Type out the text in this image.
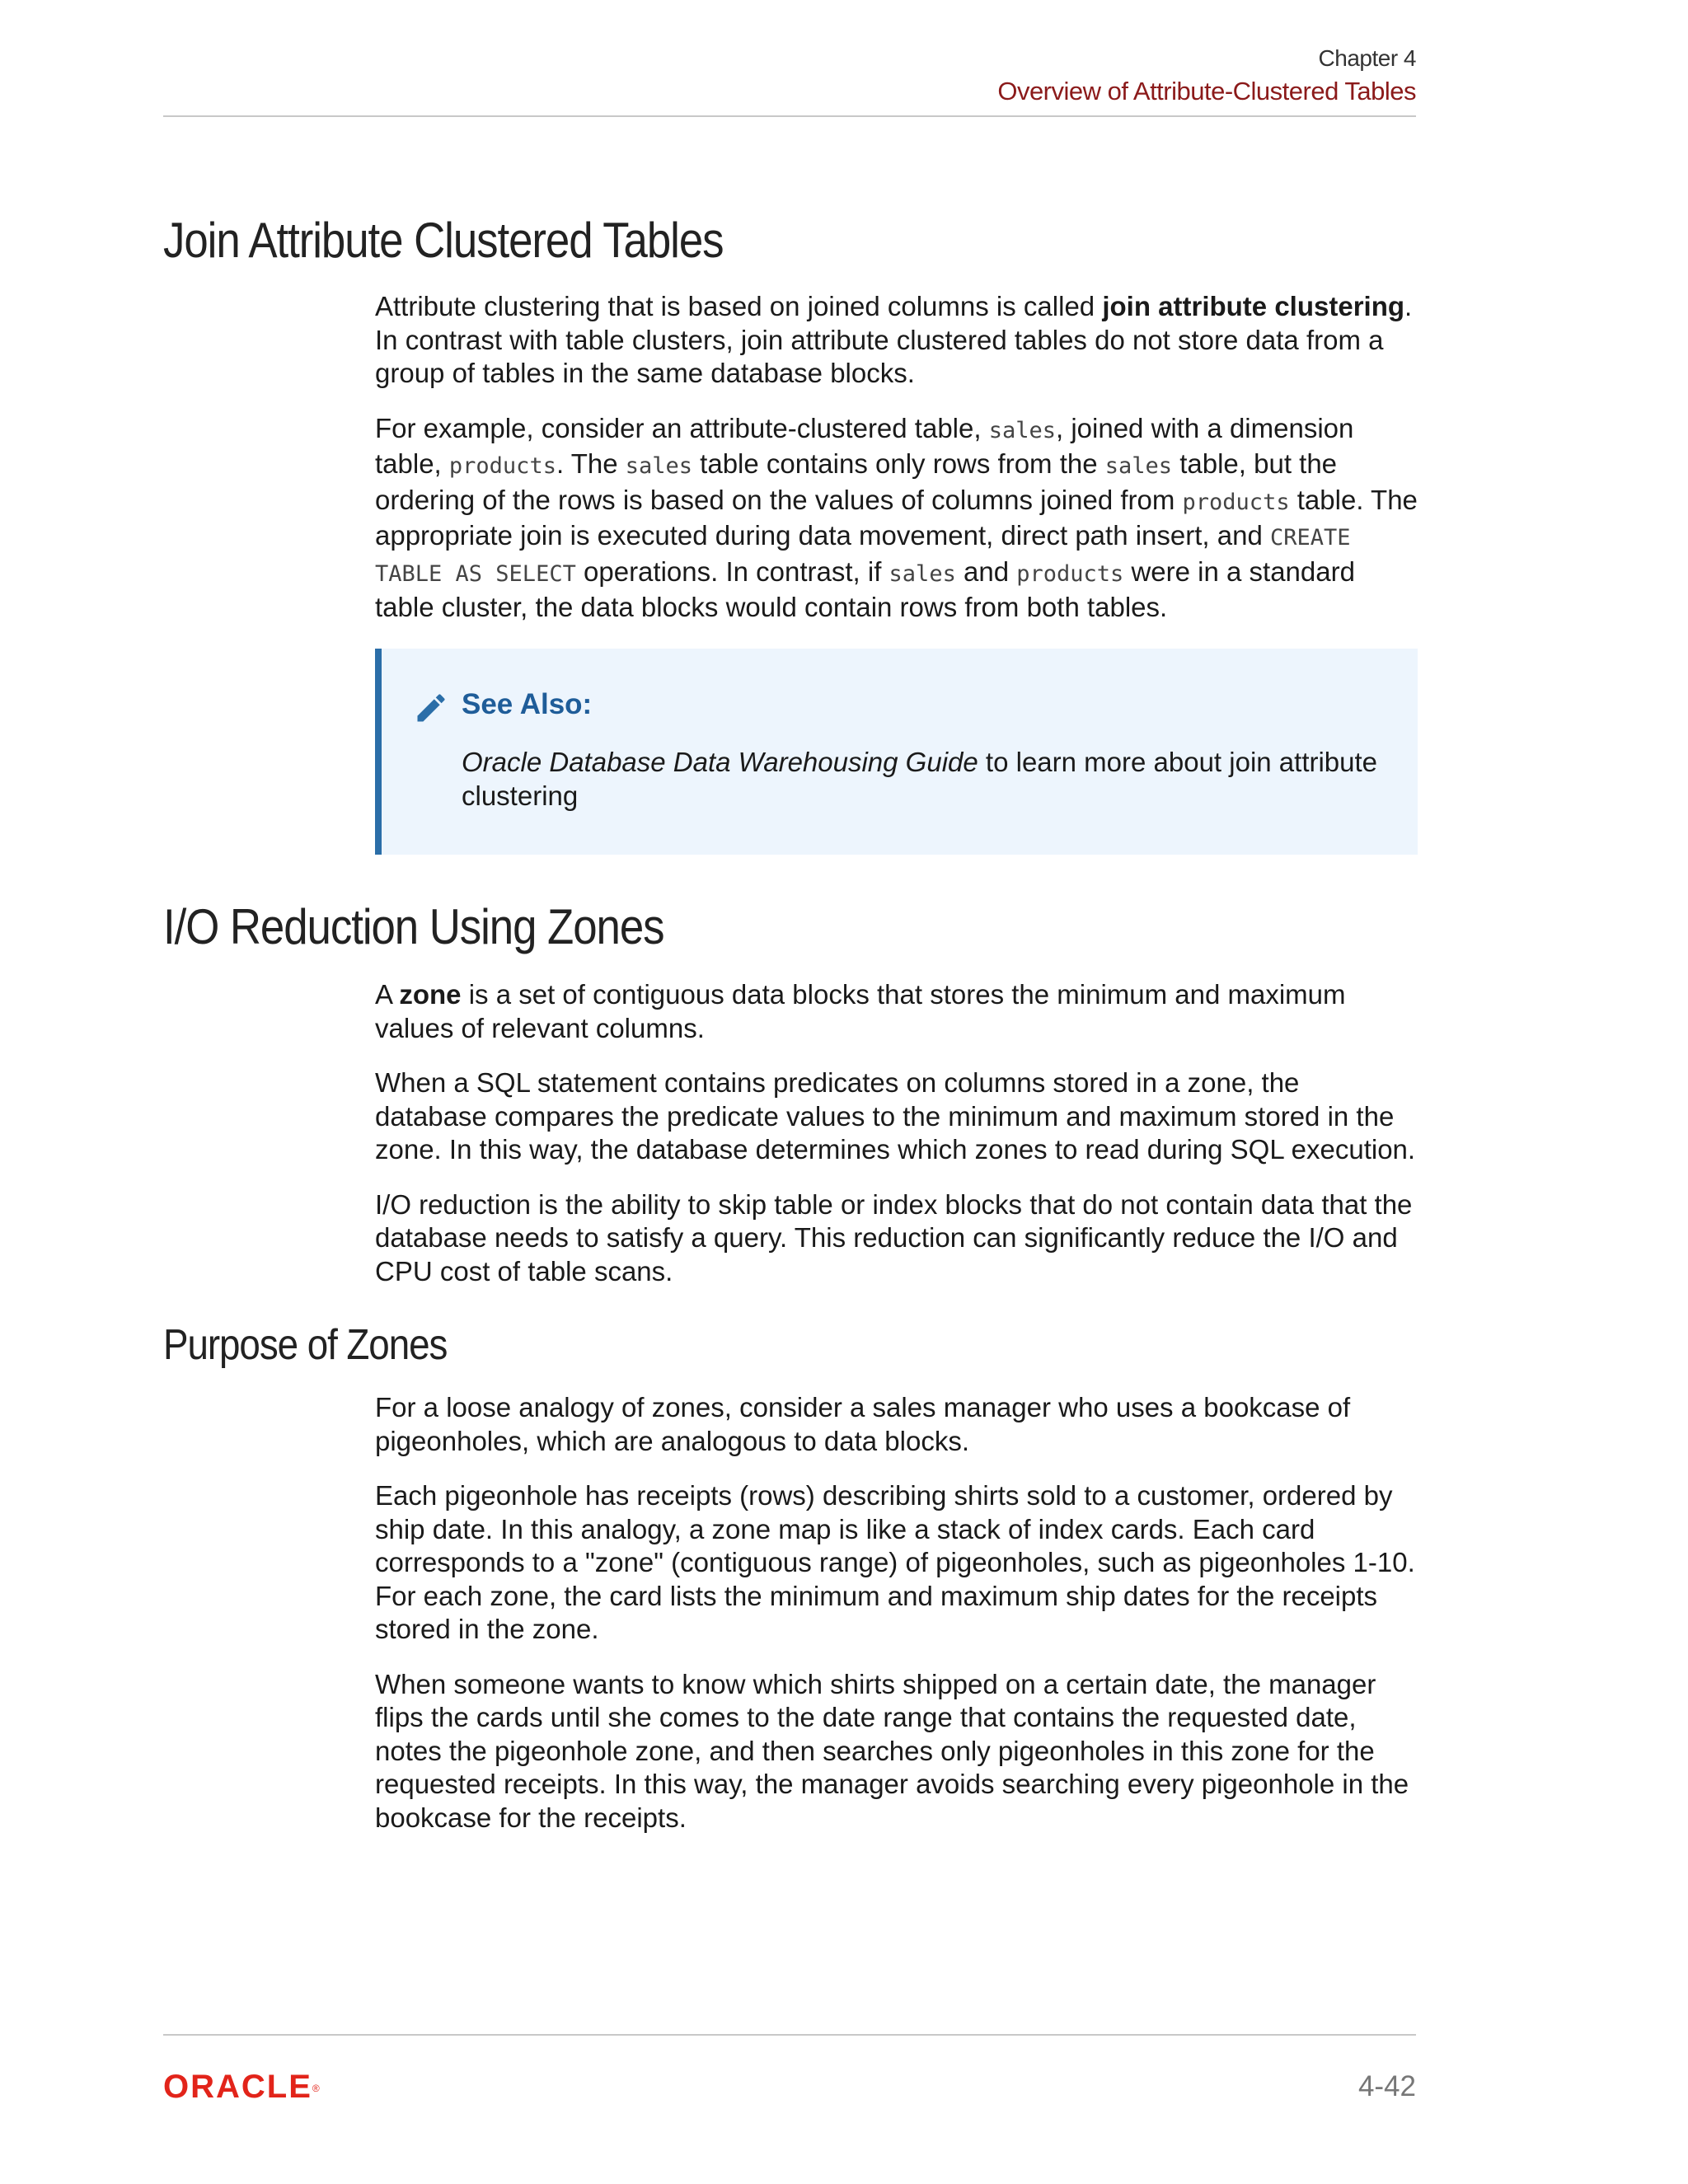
Chapter 4
Overview of Attribute-Clustered Tables
Join Attribute Clustered Tables

Attribute clustering that is based on joined columns is called join attribute clustering. In contrast with table clusters, join attribute clustered tables do not store data from a group of tables in the same database blocks.

For example, consider an attribute-clustered table, sales, joined with a dimension table, products. The sales table contains only rows from the sales table, but the ordering of the rows is based on the values of columns joined from products table. The appropriate join is executed during data movement, direct path insert, and CREATE TABLE AS SELECT operations. In contrast, if sales and products were in a standard table cluster, the data blocks would contain rows from both tables.

See Also:
Oracle Database Data Warehousing Guide to learn more about join attribute clustering
I/O Reduction Using Zones

A zone is a set of contiguous data blocks that stores the minimum and maximum values of relevant columns.

When a SQL statement contains predicates on columns stored in a zone, the database compares the predicate values to the minimum and maximum stored in the zone. In this way, the database determines which zones to read during SQL execution.

I/O reduction is the ability to skip table or index blocks that do not contain data that the database needs to satisfy a query. This reduction can significantly reduce the I/O and CPU cost of table scans.

Purpose of Zones

For a loose analogy of zones, consider a sales manager who uses a bookcase of pigeonholes, which are analogous to data blocks.

Each pigeonhole has receipts (rows) describing shirts sold to a customer, ordered by ship date. In this analogy, a zone map is like a stack of index cards. Each card corresponds to a "zone" (contiguous range) of pigeonholes, such as pigeonholes 1-10. For each zone, the card lists the minimum and maximum ship dates for the receipts stored in the zone.

When someone wants to know which shirts shipped on a certain date, the manager flips the cards until she comes to the date range that contains the requested date, notes the pigeonhole zone, and then searches only pigeonholes in this zone for the requested receipts. In this way, the manager avoids searching every pigeonhole in the bookcase for the receipts.

ORACLE®	4-42
